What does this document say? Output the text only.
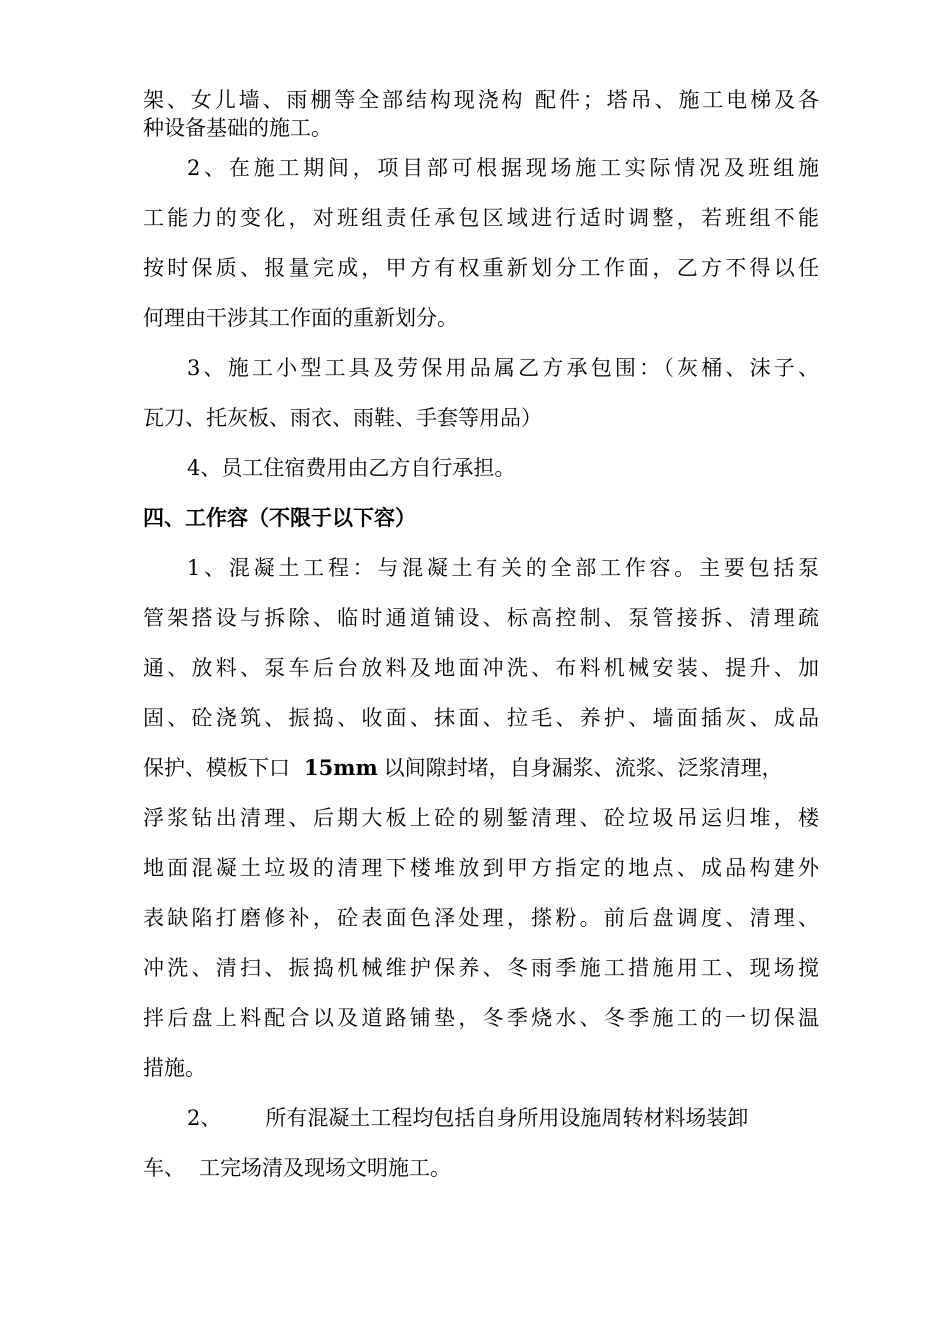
架、女儿墙、雨棚等全部结构现浇构 配件；塔吊、施工电梯及各
种设备基础的施工。
2、在施工期间，项目部可根据现场施工实际情况及班组施
工能力的变化，对班组责任承包区域进行适时调整，若班组不能
按时保质、报量完成，甲方有权重新划分工作面，乙方不得以任
何理由干涉其工作面的重新划分。
3、施工小型工具及劳保用品属乙方承包围：（灰桶、沫子、
瓦刀、托灰板、雨衣、雨鞋、手套等用品）
4、员工住宿费用由乙方自行承担。
四、工作容（不限于以下容）
1、混凝土工程：与混凝土有关的全部工作容。主要包括泵
管架搭设与拆除、临时通道铺设、标高控制、泵管接拆、清理疏
通、放料、泵车后台放料及地面冲洗、布料机械安装、提升、加
固、砼浇筑、振捣、收面、抹面、拉毛、养护、墙面插灰、成品
保护、模板下口 15mm 以间隙封堵，自身漏浆、流浆、泛浆清理，
浮浆钻出清理、后期大板上砼的剔錾清理、砼垃圾吊运归堆，楼
地面混凝土垃圾的清理下楼堆放到甲方指定的地点、成品构建外
表缺陷打磨修补，砼表面色泽处理，搽粉。前后盘调度、清理、
冲洗、清扫、振捣机械维护保养、冬雨季施工措施用工、现场搅
拌后盘上料配合以及道路铺垫，冬季烧水、冬季施工的一切保温
措施。
2、 所有混凝土工程均包括自身所用设施周转材料场装卸
车、 工完场清及现场文明施工。
